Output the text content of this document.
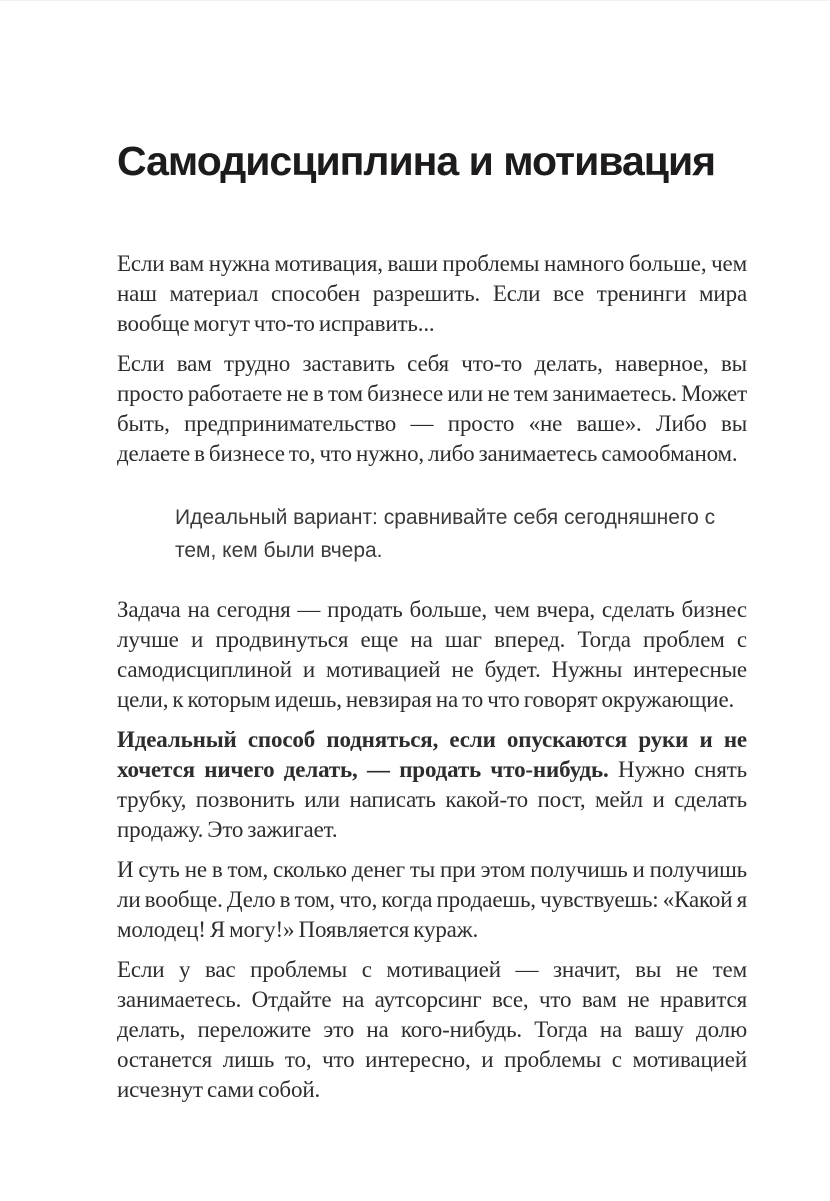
Самодисциплина и мотивация

Если вам нужна мотивация, ваши проблемы намного больше, чем наш материал способен разрешить. Если все тренинги мира вообще могут что-то исправить...

Если вам трудно заставить себя что-то делать, наверное, вы просто работаете не в том бизнесе или не тем занимаетесь. Может быть, предпринимательство — просто «не ваше». Либо вы делаете в бизнесе то, что нужно, либо занимаетесь самообманом.

Идеальный вариант: сравнивайте себя сегодняшнего с тем, кем были вчера.

Задача на сегодня — продать больше, чем вчера, сделать бизнес лучше и продвинуться еще на шаг вперед. Тогда проблем с самодисциплиной и мотивацией не будет. Нужны интересные цели, к которым идешь, невзирая на то что говорят окружающие.

Идеальный способ подняться, если опускаются руки и не хочется ничего делать, — продать что-нибудь. Нужно снять трубку, позвонить или написать какой-то пост, мейл и сделать продажу. Это зажигает.

И суть не в том, сколько денег ты при этом получишь и получишь ли вообще. Дело в том, что, когда продаешь, чувствуешь: «Какой я молодец! Я могу!» Появляется кураж.

Если у вас проблемы с мотивацией — значит, вы не тем занимаетесь. Отдайте на аутсорсинг все, что вам не нравится делать, переложите это на кого-нибудь. Тогда на вашу долю останется лишь то, что интересно, и проблемы с мотивацией исчезнут сами собой.
